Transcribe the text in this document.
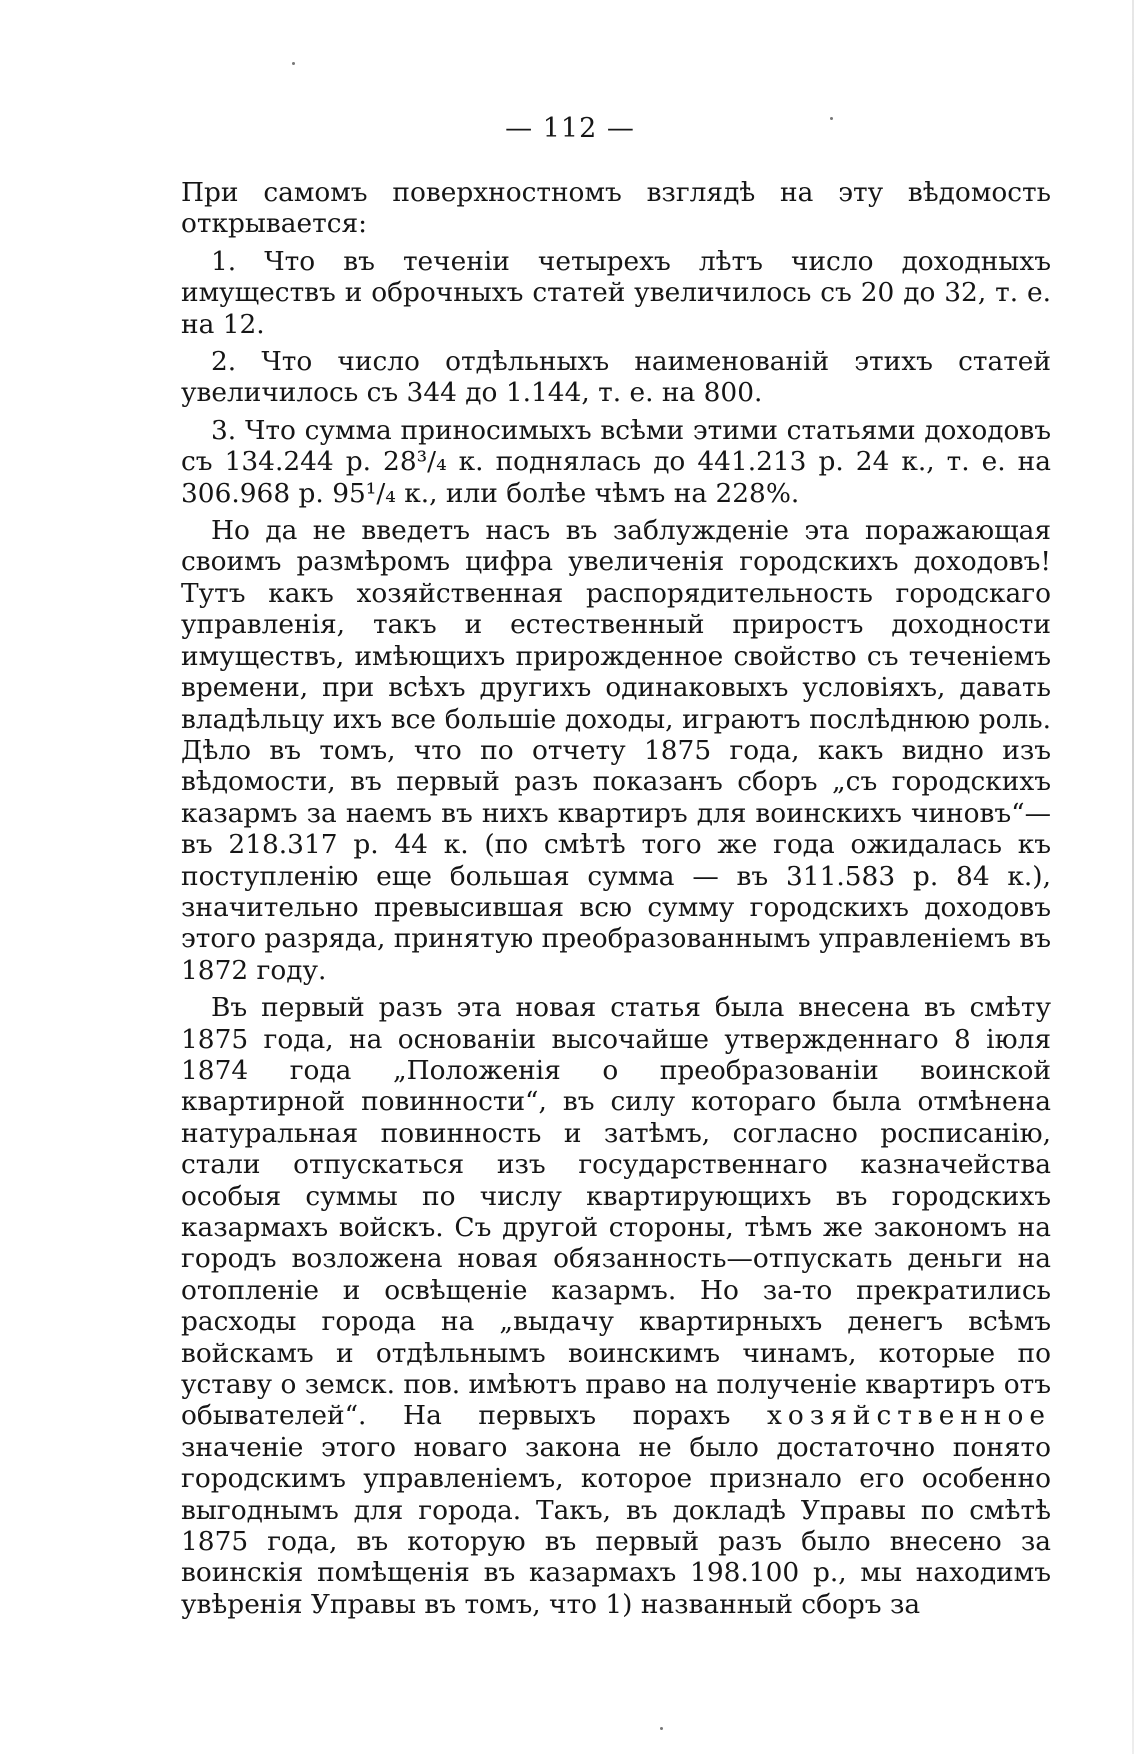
— 112 —

При самомъ поверхностномъ взглядѣ на эту вѣдомость открывается:

1. Что въ теченіи четырехъ лѣтъ число доходныхъ имуществъ и оброчныхъ статей увеличилось съ 20 до 32, т. е. на 12.

2. Что число отдѣльныхъ наименованій этихъ статей увеличилось съ 344 до 1.144, т. е. на 800.

3. Что сумма приносимыхъ всѣми этими статьями доходовъ съ 134.244 р. 28³/₄ к. поднялась до 441.213 р. 24 к., т. е. на 306.968 р. 95¹/₄ к., или болѣе чѣмъ на 228%.

Но да не введетъ насъ въ заблужденіе эта поражающая своимъ размѣромъ цифра увеличенія городскихъ доходовъ! Тутъ какъ хозяйственная распорядительность городскаго управленія, такъ и естественный приростъ доходности имуществъ, имѣющихъ прирожденное свойство съ теченіемъ времени, при всѣхъ другихъ одинаковыхъ условіяхъ, давать владѣльцу ихъ все большіе доходы, играютъ послѣднюю роль. Дѣло въ томъ, что по отчету 1875 года, какъ видно изъ вѣдомости, въ первый разъ показанъ сборъ „съ городскихъ казармъ за наемъ въ нихъ квартиръ для воинскихъ чиновъ“—въ 218.317 р. 44 к. (по смѣтѣ того же года ожидалась къ поступленію еще большая сумма — въ 311.583 р. 84 к.), значительно превысившая всю сумму городскихъ доходовъ этого разряда, принятую преобразованнымъ управленіемъ въ 1872 году.

Въ первый разъ эта новая статья была внесена въ смѣту 1875 года, на основаніи высочайше утвержденнаго 8 іюля 1874 года „Положенія о преобразованіи воинской квартирной повинности“, въ силу котораго была отмѣнена натуральная повинность и затѣмъ, согласно росписанію, стали отпускаться изъ государственнаго казначейства особыя суммы по числу квартирующихъ въ городскихъ казармахъ войскъ. Съ другой стороны, тѣмъ же закономъ на городъ возложена новая обязанность—отпускать деньги на отопленіе и освѣщеніе казармъ. Но за-то прекратились расходы города на „выдачу квартирныхъ денегъ всѣмъ войскамъ и отдѣльнымъ воинскимъ чинамъ, которые по уставу о земск. пов. имѣютъ право на полученіе квартиръ отъ обывателей“. На первыхъ порахъ хозяйственное значеніе этого новаго закона не было достаточно понято городскимъ управленіемъ, которое признало его особенно выгоднымъ для города. Такъ, въ докладѣ Управы по смѣтѣ 1875 года, въ которую въ первый разъ было внесено за воинскія помѣщенія въ казармахъ 198.100 р., мы находимъ увѣренія Управы въ томъ, что 1) названный сборъ за
